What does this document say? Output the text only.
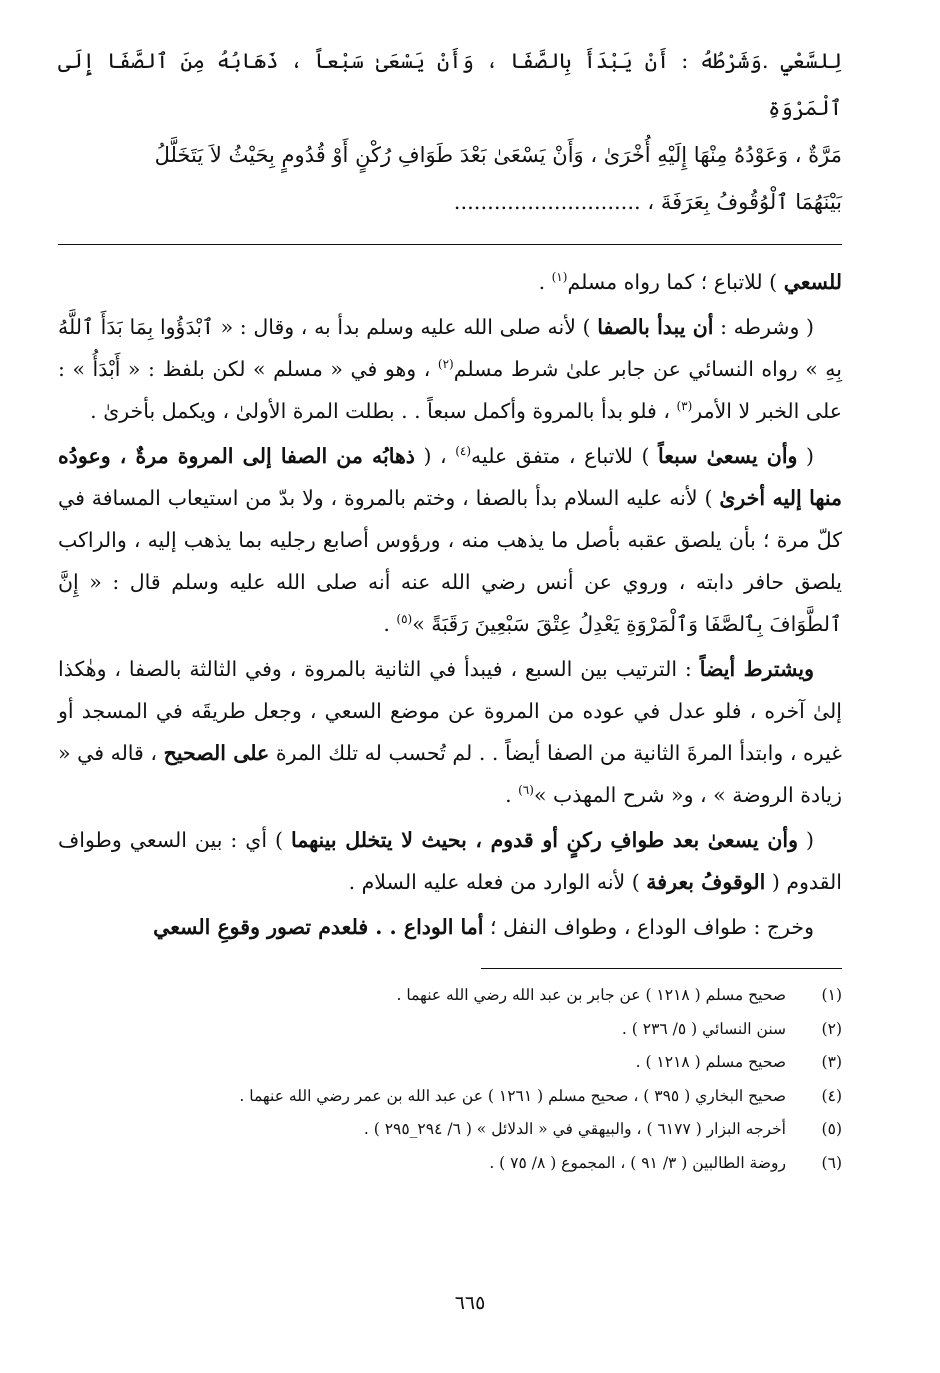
لِلسَّعْيِ .وَشَرْطُهُ : أَنْ يَبْدَأَ بِالصَّفَا ، وَأَنْ يَسْعَىٰ سَبْعاً ، ذَهَابُهُ مِنَ ٱلصَّفَا إِلَى ٱلْمَرْوَةِ
مَرَّةٌ ، وَعَوْدُهُ مِنْهَا إِلَيْهِ أُخْرَىٰ ، وَأَنْ يَسْعَىٰ بَعْدَ طَوَافِ رُكْنٍ أَوْ قُدُومٍ بِحَيْثُ لاَ يَتَخَلَّلُ
بَيْنَهُمَا ٱلْوُقُوفُ بِعَرَفَةَ ، ............................

للسعي ) للاتباع ؛ كما رواه مسلم$^{(١)}$ .

( وشرطه : أن يبدأ بالصفا ) لأنه صلى الله عليه وسلم بدأ به ، وقال : « ٱبْدَؤُوا بِمَا بَدَأَ ٱللَّهُ بِهِ » رواه النسائي عن جابر علىٰ شرط مسلم$^{(٢)}$ ، وهو في « مسلم » لكن بلفظ : « أَبْدَأُ » : على الخبر لا الأمر$^{(٣)}$ ، فلو بدأ بالمروة وأكمل سبعاً . . بطلت المرة الأولىٰ ، ويكمل بأخرىٰ .

( وأن يسعىٰ سبعاً ) للاتباع ، متفق عليه$^{(٤)}$ ، ( ذهابُه من الصفا إلى المروة مرةٌ ، وعودُه منها إليه أخرىٰ ) لأنه عليه السلام بدأ بالصفا ، وختم بالمروة ، ولا بدّ من استيعاب المسافة في كلّ مرة ؛ بأن يلصق عقبه بأصل ما يذهب منه ، ورؤوس أصابع رجليه بما يذهب إليه ، والراكب يلصق حافر دابته ، وروي عن أنس رضي الله عنه أنه صلى الله عليه وسلم قال : « إِنَّ ٱلطَّوَافَ بِٱلصَّفَا وَٱلْمَرْوَةِ يَعْدِلُ عِتْقَ سَبْعِينَ رَقَبَةً »$^{(٥)}$ .

ويشترط أيضاً : الترتيب بين السبع ، فيبدأ في الثانية بالمروة ، وفي الثالثة بالصفا ، وهٰكذا إلىٰ آخره ، فلو عدل في عوده من المروة عن موضع السعي ، وجعل طريقَه في المسجد أو غيره ، وابتدأ المرةَ الثانية من الصفا أيضاً . . لم تُحسب له تلك المرة على الصحيح ، قاله في « زيادة الروضة » ، و« شرح المهذب »$^{(٦)}$ .

( وأن يسعىٰ بعد طوافِ ركنٍ أو قدوم ، بحيث لا يتخلل بينهما ) أي : بين السعي وطواف القدوم ( الوقوفُ بعرفة ) لأنه الوارد من فعله عليه السلام .

وخرج : طواف الوداع ، وطواف النفل ؛ أما الوداع . . فلعدم تصور وقوعِ السعي

(١)
صحيح مسلم ( ١٢١٨ ) عن جابر بن عبد الله رضي الله عنهما .
(٢)
سنن النسائي ( ٥/ ٢٣٦ ) .
(٣)
صحيح مسلم ( ١٢١٨ ) .
(٤)
صحيح البخاري ( ٣٩٥ ) ، صحيح مسلم ( ١٢٦١ ) عن عبد الله بن عمر رضي الله عنهما .
(٥)
أخرجه البزار ( ٦١٧٧ ) ، والبيهقي في « الدلائل » ( ٦/ ٢٩٤_٢٩٥ ) .
(٦)
روضة الطالبين ( ٣/ ٩١ ) ، المجموع ( ٨/ ٧٥ ) .
٦٦٥
